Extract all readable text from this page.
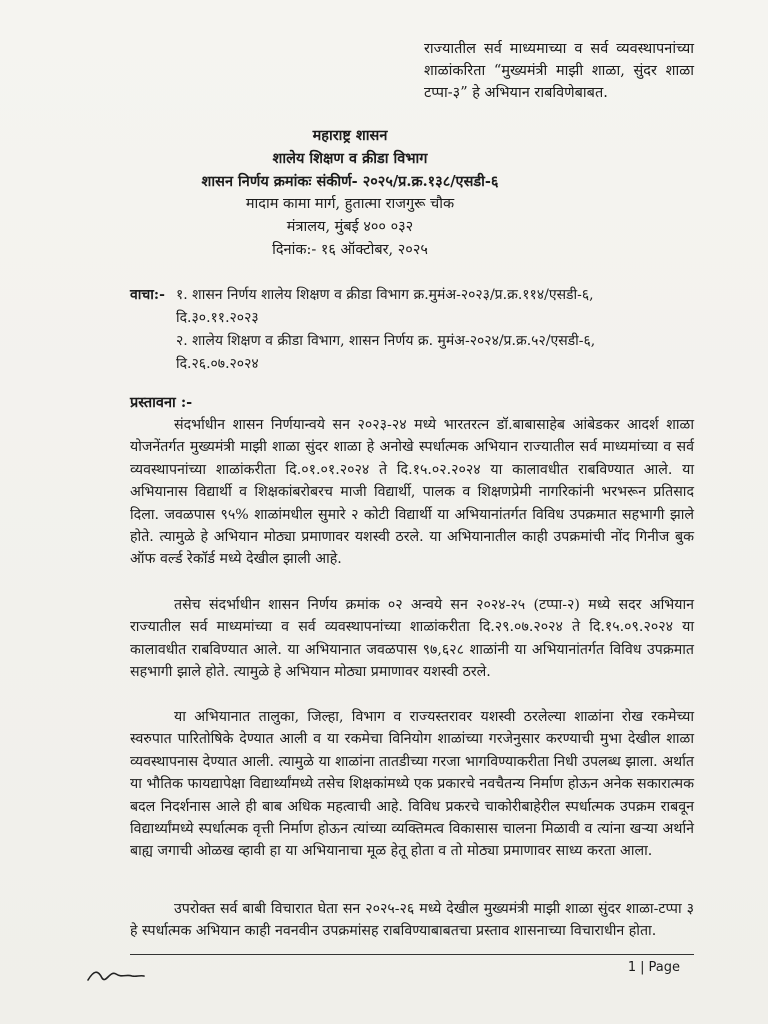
राज्यातील सर्व माध्यमाच्या व सर्व व्यवस्थापनांच्या शाळांकरिता “मुख्यमंत्री माझी शाळा, सुंदर शाळा टप्पा-३” हे अभियान राबविणेबाबत.
महाराष्ट्र शासन
शालेय शिक्षण व क्रीडा विभाग
शासन निर्णय क्रमांकः संकीर्ण- २०२५/प्र.क्र.१३८/एसडी-६
मादाम कामा मार्ग, हुतात्मा राजगुरू चौक
मंत्रालय, मुंबई ४०० ०३२
दिनांक:- १६ ऑक्टोबर, २०२५
वाचा:- १. शासन निर्णय शालेय शिक्षण व क्रीडा विभाग क्र.मुमंअ-२०२३/प्र.क्र.११४/एसडी-६,
दि.३०.११.२०२३
२. शालेय शिक्षण व क्रीडा विभाग, शासन निर्णय क्र. मुमंअ-२०२४/प्र.क्र.५२/एसडी-६,
दि.२६.०७.२०२४
प्रस्तावना :-
संदर्भाधीन शासन निर्णयान्वये सन २०२३-२४ मध्ये भारतरत्न डॉ.बाबासाहेब आंबेडकर आदर्श शाळा योजनेंतर्गत मुख्यमंत्री माझी शाळा सुंदर शाळा हे अनोखे स्पर्धात्मक अभियान राज्यातील सर्व माध्यमांच्या व सर्व व्यवस्थापनांच्या शाळांकरीता दि.०१.०१.२०२४ ते दि.१५.०२.२०२४ या कालावधीत राबविण्यात आले. या अभियानास विद्यार्थी व शिक्षकांबरोबरच माजी विद्यार्थी, पालक व शिक्षणप्रेमी नागरिकांनी भरभरून प्रतिसाद दिला. जवळपास ९५% शाळांमधील सुमारे २ कोटी विद्यार्थी या अभियानांतर्गत विविध उपक्रमात सहभागी झाले होते. त्यामुळे हे अभियान मोठ्या प्रमाणावर यशस्वी ठरले. या अभियानातील काही उपक्रमांची नोंद गिनीज बुक ऑफ वर्ल्ड रेकॉर्ड मध्ये देखील झाली आहे.
तसेच संदर्भाधीन शासन निर्णय क्रमांक ०२ अन्वये सन २०२४-२५ (टप्पा-२) मध्ये सदर अभियान राज्यातील सर्व माध्यमांच्या व सर्व व्यवस्थापनांच्या शाळांकरीता दि.२९.०७.२०२४ ते दि.१५.०९.२०२४ या कालावधीत राबविण्यात आले. या अभियानात जवळपास ९७,६२८ शाळांनी या अभियानांतर्गत विविध उपक्रमात सहभागी झाले होते. त्यामुळे हे अभियान मोठ्या प्रमाणावर यशस्वी ठरले.
या अभियानात तालुका, जिल्हा, विभाग व राज्यस्तरावर यशस्वी ठरलेल्या शाळांना रोख रकमेच्या स्वरुपात पारितोषिके देण्यात आली व या रकमेचा विनियोग शाळांच्या गरजेनुसार करण्याची मुभा देखील शाळा व्यवस्थापनास देण्यात आली. त्यामुळे या शाळांना तातडीच्या गरजा भागविण्याकरीता निधी उपलब्ध झाला. अर्थात या भौतिक फायद्यापेक्षा विद्यार्थ्यांमध्ये तसेच शिक्षकांमध्ये एक प्रकारचे नवचैतन्य निर्माण होऊन अनेक सकारात्मक बदल निदर्शनास आले ही बाब अधिक महत्वाची आहे. विविध प्रकरचे चाकोरीबाहेरील स्पर्धात्मक उपक्रम राबवून विद्यार्थ्यांमध्ये स्पर्धात्मक वृत्ती निर्माण होऊन त्यांच्या व्यक्तिमत्व विकासास चालना मिळावी व त्यांना खऱ्या अर्थाने बाह्य जगाची ओळख व्हावी हा या अभियानाचा मूळ हेतू होता व तो मोठ्या प्रमाणावर साध्य करता आला.
उपरोक्त सर्व बाबी विचारात घेता सन २०२५-२६ मध्ये देखील मुख्यमंत्री माझी शाळा सुंदर शाळा-टप्पा ३ हे स्पर्धात्मक अभियान काही नवनवीन उपक्रमांसह राबविण्याबाबतचा प्रस्ताव शासनाच्या विचाराधीन होता.
1 | Page
